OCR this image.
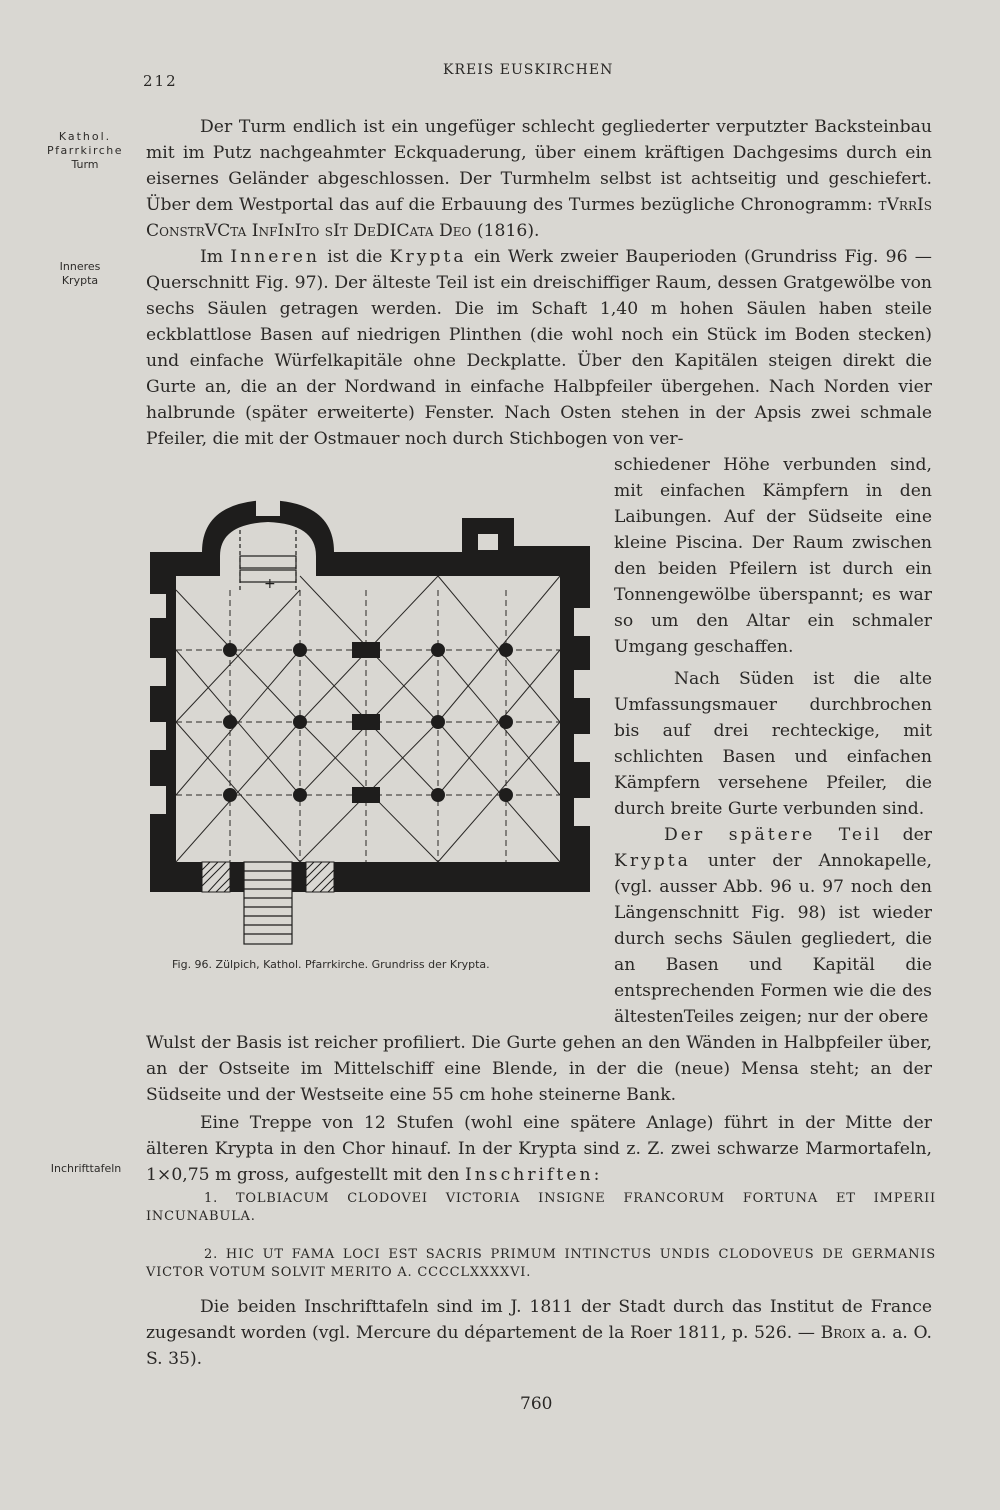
212
KREIS EUSKIRCHEN
Kathol.
Pfarrkirche
Turm
Inneres
Krypta
Inchrifttafeln

Der Turm endlich ist ein ungefüger schlecht gegliederter verputzter Backsteinbau mit im Putz nachgeahmter Eckquaderung, über einem kräftigen Dachgesims durch ein eisernes Geländer abgeschlossen. Der Turmhelm selbst ist achtseitig und geschiefert. Über dem Westportal das auf die Erbauung des Turmes bezügliche Chronogramm: tVrrIs ConstrVCta InfInIto sIt DeDICata Deo (1816).

Im Inneren ist die Krypta ein Werk zweier Bauperioden (Grundriss Fig. 96 — Querschnitt Fig. 97). Der älteste Teil ist ein dreischiffiger Raum, dessen Gratgewölbe von sechs Säulen getragen werden. Die im Schaft 1,40 m hohen Säulen haben steile eckblattlose Basen auf niedrigen Plinthen (die wohl noch ein Stück im Boden stecken) und einfache Würfelkapitäle ohne Deckplatte. Über den Kapitälen steigen direkt die Gurte an, die an der Nordwand in einfache Halbpfeiler übergehen. Nach Norden vier halbrunde (später erweiterte) Fenster. Nach Osten stehen in der Apsis zwei schmale Pfeiler, die mit der Ostmauer noch durch Stichbogen von ver-

schiedener Höhe verbunden sind, mit einfachen Kämpfern in den Laibungen. Auf der Südseite eine kleine Piscina. Der Raum zwischen den beiden Pfeilern ist durch ein Tonnengewölbe überspannt; es war so um den Altar ein schmaler Umgang geschaffen.

Nach Süden ist die alte Umfassungsmauer durchbrochen bis auf drei rechteckige, mit schlichten Basen und einfachen Kämpfern versehene Pfeiler, die durch breite Gurte verbunden sind.

Der spätere Teil der Krypta unter der Annokapelle, (vgl. ausser Abb. 96 u. 97 noch den Längenschnitt Fig. 98) ist wieder durch sechs Säulen gegliedert, die an Basen und Kapitäl die entsprechenden Formen wie die des ältestenTeiles zeigen; nur der obere

Wulst der Basis ist reicher profiliert. Die Gurte gehen an den Wänden in Halbpfeiler über, an der Ostseite im Mittelschiff eine Blende, in der die (neue) Mensa steht; an der Südseite und der Westseite eine 55 cm hohe steinerne Bank.

Eine Treppe von 12 Stufen (wohl eine spätere Anlage) führt in der Mitte der älteren Krypta in den Chor hinauf. In der Krypta sind z. Z. zwei schwarze Marmortafeln, 1×0,75 m gross, aufgestellt mit den Inschriften:

1. TOLBIACUM CLODOVEI VICTORIA INSIGNE FRANCORUM FORTUNA ET IMPERII INCUNABULA.

2. HIC UT FAMA LOCI EST SACRIS PRIMUM INTINCTUS UNDIS CLODOVEUS DE GERMANIS VICTOR VOTUM SOLVIT MERITO A. CCCCLXXXXVI.

Die beiden Inschrifttafeln sind im J. 1811 der Stadt durch das Institut de France zugesandt worden (vgl. Mercure du département de la Roer 1811, p. 526. — Broix a. a. O. S. 35).

+
Fig. 96. Zülpich, Kathol. Pfarrkirche. Grundriss der Krypta.
760
